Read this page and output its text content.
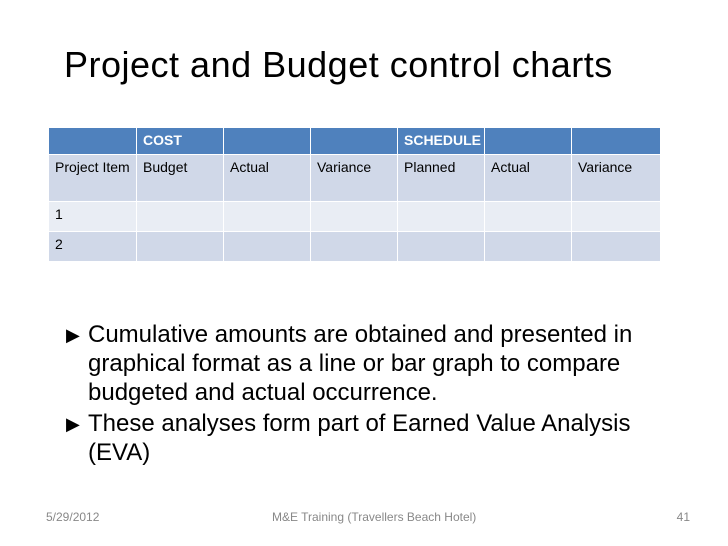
Project and Budget control charts
	COST			SCHEDULE		
Project Item	Budget	Actual	Variance	Planned	Actual	Variance
1						
2						
▶ Cumulative amounts are obtained and presented in graphical format as a line or bar graph to compare budgeted and actual occurrence.
▶ These analyses form part of Earned Value Analysis (EVA)
5/29/2012	M&E Training (Travellers Beach Hotel)	41
